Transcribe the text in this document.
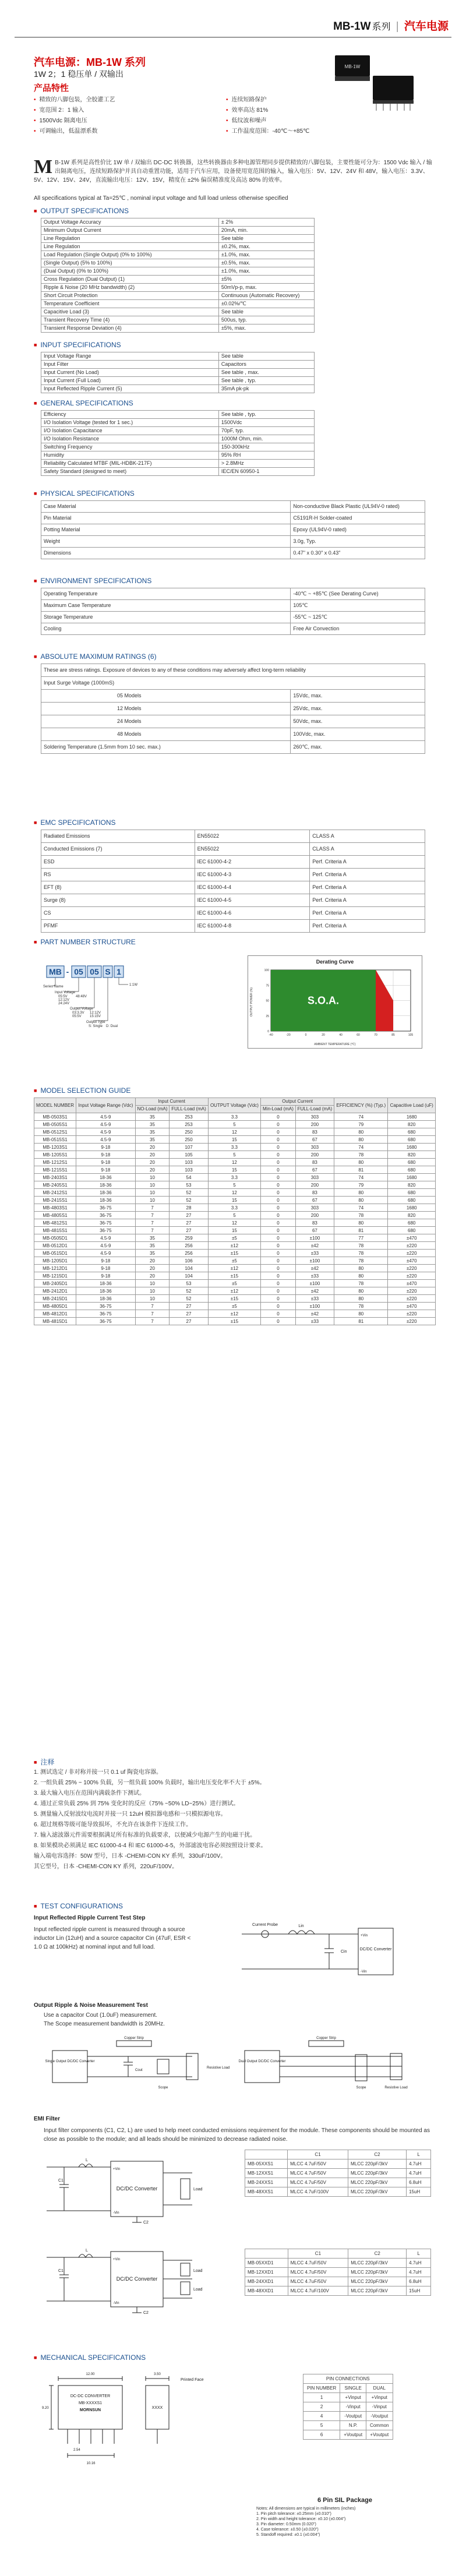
MB-1W 系列 | 汽车电源
汽车电源：MB-1W 系列
1W 2；1 稳压单 / 双输出
产品特性
• 精致的八脚包装，全胶灌工艺	• 连续短路保护
• 宽范围 2：1 输入	• 效率高达 81%
• 1500Vdc 隔离电压	• 低纹波和噪声
• 可调输出，低温漂系数	• 工作温度范围：-40℃～+85℃
MB-1W
M B-1W 系列是高性价比 1W 单 / 双输出 DC-DC 转换器，这些转换器由多种电源管理同步提供精致的八脚包装，主要性能可分为：1500 Vdc 输入 / 输出隔离电压，连续短路保护并具自动重置功能，适用于汽车应用，设备使用宽范围的输入，输入电压：5V、12V、24V 和 48V，输入电压：3.3V、5V、12V、15V、24V，直流输出电压：12V、15V，精度在 ±2% 偏误精准度及高达 80% 的效率。
All specifications typical at Ta=25℃ , nominal input voltage and full load unless otherwise specified
■ OUTPUT SPECIFICATIONS
Output Voltage Accuracy	± 2%
Minimum Output Current	20mA, min.
Line Regulation	See table
Line Regulation	±0.2%, max.
Load Regulation (Single Output) (0% to 100%)	±1.0%, max.
(Single Output) (5% to 100%)	±0.5%, max.
(Dual Output) (0% to 100%)	±1.0%, max.
Cross Regulation (Dual Output) (1)	±5%
Ripple & Noise (20 MHz bandwidth) (2)	50mVp-p, max.
Short Circuit Protection	Continuous (Automatic Recovery)
Temperature Coefficient	±0.02%/℃
Capacitive Load (3)	See table
Transient Recovery Time (4)	500us, typ.
Transient Response Deviation (4)	±5%, max.
■ INPUT SPECIFICATIONS
Input Voltage Range	See table
Input Filter	Capacitors
Input Current (No Load)	See table , max.
Input Current (Full Load)	See table , typ.
Input Reflected Ripple Current (5)	35mA pk-pk
■ GENERAL SPECIFICATIONS
Efficiency	See table , typ.
I/O Isolation Voltage (tested for 1 sec.)	1500Vdc
I/O Isolation Capacitance	70pF, typ.
I/O Isolation Resistance	1000M Ohm, min.
Switching Frequency	150-300kHz
Humidity	95% RH
Reliability Calculated MTBF (MIL-HDBK-217F)	> 2.8MHz
Safety Standard (designed to meet)	IEC/EN 60950-1
■ PHYSICAL SPECIFICATIONS
Case Material	Non-conductive Black Plastic (UL94V-0 rated)
Pin Material	C5191R-H Solder-coated
Potting Material	Epoxy (UL94V-0 rated)
Weight	3.0g, Typ.
Dimensions	0.47" x 0.30" x 0.43"
■ ENVIRONMENT SPECIFICATIONS
Operating Temperature	-40℃ ~ +85℃ (See Derating Curve)
Maximum Case Temperature	105℃
Storage Temperature	-55℃ ~ 125℃
Cooling	Free Air Convection
■ ABSOLUTE MAXIMUM RATINGS (6)
These are stress ratings. Exposure of devices to any of these conditions may adversely affect long-term reliability	
Input Surge Voltage (1000mS)	
05 Models	15Vdc, max.
12 Models	25Vdc, max.
24 Models	50Vdc, max.
48 Models	100Vdc, max.
Soldering Temperature (1.5mm from 10 sec. max.)	260℃, max.
■ EMC SPECIFICATIONS
Radiated Emissions	EN55022	CLASS A
Conducted Emissions (7)	EN55022	CLASS A
ESD	IEC 61000-4-2	Perf. Criteria A
RS	IEC 61000-4-3	Perf. Criteria A
EFT (8)	IEC 61000-4-4	Perf. Criteria A
Surge (8)	IEC 61000-4-5	Perf. Criteria A
CS	IEC 61000-4-6	Perf. Criteria A
PFMF	IEC 61000-4-8	Perf. Criteria A
■ PART NUMBER STRUCTURE
MB - 05 05 S 1
Series Name
Input Voltage
05:5V
12:12V
24:24V
48:48V
Output Voltage
03:3.3V
05:5V
12:12V
15:15V
Output Type
S: Single D: Dual
1:1W
Derating Curve
S.O.A.
100
75
50
25
0
-40	-20	0	20	40	60	70	85	105
OUTPUT POWER (%)
AMBIENT TEMPERATURE (℃)
■ MODEL SELECTION GUIDE
MODEL NUMBER	Input Voltage Range (Vdc)	Input Current		OUTPUT Voltage (Vdc)	Output Current		EFFICIENCY (%) (Typ.)	Capacitive Load (uF)
		NO-Load (mA)	FULL-Load (mA)		Min-Load (mA)	FULL-Load (mA)		
MB-0503S1	4.5-9	35	253	3.3	0	303	74	1680
MB-0505S1	4.5-9	35	253	5	0	200	79	820
MB-0512S1	4.5-9	35	250	12	0	83	80	680
MB-0515S1	4.5-9	35	250	15	0	67	80	680
MB-1203S1	9-18	20	107	3.3	0	303	74	1680
MB-1205S1	9-18	20	105	5	0	200	78	820
MB-1212S1	9-18	20	103	12	0	83	80	680
MB-1215S1	9-18	20	103	15	0	67	81	680
MB-2403S1	18-36	10	54	3.3	0	303	74	1680
MB-2405S1	18-36	10	53	5	0	200	79	820
MB-2412S1	18-36	10	52	12	0	83	80	680
MB-2415S1	18-36	10	52	15	0	67	80	680
MB-4803S1	36-75	7	28	3.3	0	303	74	1680
MB-4805S1	36-75	7	27	5	0	200	78	820
MB-4812S1	36-75	7	27	12	0	83	80	680
MB-4815S1	36-75	7	27	15	0	67	81	680
MB-0505D1	4.5-9	35	259	±5	0	±100	77	±470
MB-0512D1	4.5-9	35	256	±12	0	±42	78	±220
MB-0515D1	4.5-9	35	256	±15	0	±33	78	±220
MB-1205D1	9-18	20	106	±5	0	±100	78	±470
MB-1212D1	9-18	20	104	±12	0	±42	80	±220
MB-1215D1	9-18	20	104	±15	0	±33	80	±220
MB-2405D1	18-36	10	53	±5	0	±100	78	±470
MB-2412D1	18-36	10	52	±12	0	±42	80	±220
MB-2415D1	18-36	10	52	±15	0	±33	80	±220
MB-4805D1	36-75	7	27	±5	0	±100	78	±470
MB-4812D1	36-75	7	27	±12	0	±42	80	±220
MB-4815D1	36-75	7	27	±15	0	±33	81	±220
■ 注释
1. 测试选定 / 非对称并接一只 0.1 uf 陶瓷电容器。
2. 一组负载 25% ~ 100% 负载，另一组负载 100% 负载时，输出电压变化率不大于 ±5%。
3. 最大输入电压在范围内满载条件下测试。
4. 通过正常负载 25% 到 75% 变化时的反应（75% ~50% LD~25%）进行测试。
5. 测量输入反射波纹电流时并接一只 12uH 模拟器电感和一只模拟源电容。
6. 超过规格等级可能导致损坏，不允许在该条件下连续工作。
7. 输入滤波器元件需要根据满足所有标准的负载要求，以便减少电源产生的电磁干扰。
8. 如果模块必须满足 IEC 61000-4-4 和 IEC 61000-4-5，外部滤波电容必须按照设计要求。
输入端电容选择：50W 型号，日本 -CHEMI-CON KY 系列，330uF/100V。
其它型号，日本 -CHEMI-CON KY 系列，220uF/100V。
■ TEST CONFIGURATIONS
Input Reflected Ripple Current Test Step
Input reflected ripple current is measured through a source inductor Lin (12uH) and a source capacitor Cin (47uF, ESR < 1.0 Ω at 100kHz) at nominal input and full load.
Current Probe	Lin
Cin
DC/DC Converter
+Vin
-Vin
Output Ripple & Noise Measurement Test
Use a capacitor Cout (1.0uF) measurement.
The Scope measurement bandwidth is 20MHz.
Single Output DC/DC Converter
Copper Strip
Cout
Scope
Resistive Load
Dual Output DC/DC Converter
Copper Strip
Scope	Resistive Load
EMI Filter
Input filter components (C1, C2, L) are used to help meet conducted emissions requirement for the module. These components should be mounted as close as possible to the module; and all leads should be minimized to decrease radiated noise.
C1
L
DC/DC Converter
+Vin
-Vin
Load
C2
	C1	C2	L
MB-05XXS1	MLCC 4.7uF/50V	MLCC 220pF/3kV	4.7uH
MB-12XXS1	MLCC 4.7uF/50V	MLCC 220pF/3kV	4.7uH
MB-24XXS1	MLCC 4.7uF/50V	MLCC 220pF/3kV	6.8uH
MB-48XXS1	MLCC 4.7uF/100V	MLCC 220pF/3kV	15uH
C1
L
DC/DC Converter
+Vin
-Vin
Load
Load
C2
	C1	C2	L
MB-05XXD1	MLCC 4.7uF/50V	MLCC 220pF/3kV	4.7uH
MB-12XXD1	MLCC 4.7uF/50V	MLCC 220pF/3kV	4.7uH
MB-24XXD1	MLCC 4.7uF/50V	MLCC 220pF/3kV	6.8uH
MB-48XXD1	MLCC 4.7uF/100V	MLCC 220pF/3kV	15uH
■ MECHANICAL SPECIFICATIONS
DC-DC CONVERTER
MB-XXXXS1
MORNSUN
XXXX
Printed Face
12.00
9.20
10.16
3.50
2.54
PIN CONNECTIONS		
PIN NUMBER	SINGLE	DUAL
1	+Vinput	+Vinput
2	-Vinput	-Vinput
4	-Voutput	-Voutput
5	N.P.	Common
6	+Voutput	+Voutput
6 Pin SIL Package
Notes: All dimensions are typical in millimeters (inches)
1. Pin pitch tolerance: ±0.25mm (±0.010")
2. Pin width and height tolerance: ±0.10 (±0.004")
3. Pin diameter: 0.50mm (0.020")
4. Case tolerance: ±0.50 (±0.020")
5. Standoff required: ±0.1 (±0.004")
